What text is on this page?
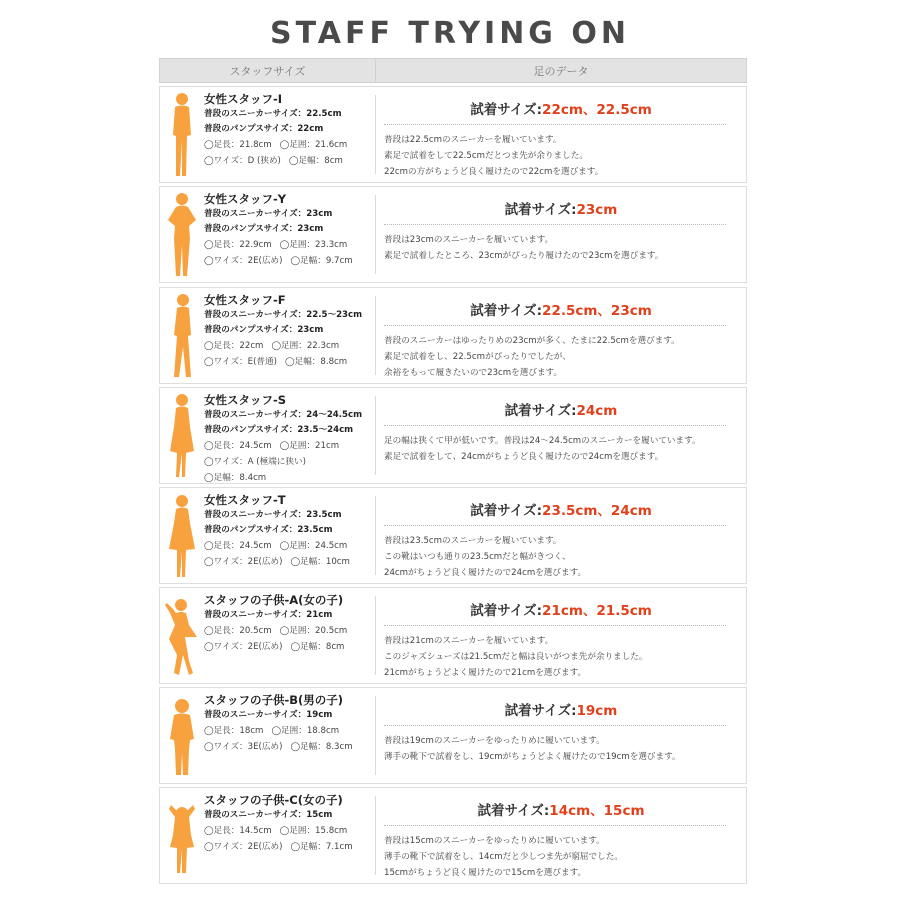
STAFF TRYING ON
スタッフサイズ	足のデータ
女性スタッフ-I
普段のスニーカーサイズ：22.5cm
普段のパンプスサイズ：22cm
◯足長：21.8cm ◯足囲：21.6cm
◯ワイズ：D (狭め) ◯足幅：8cm
試着サイズ:22cm、22.5cm
普段は22.5cmのスニーカーを履いています。
素足で試着をして22.5cmだとつま先が余りました。
22cmの方がちょうど良く履けたので22cmを選びます。
女性スタッフ-Y
普段のスニーカーサイズ：23cm
普段のパンプスサイズ：23cm
◯足長：22.9cm ◯足囲：23.3cm
◯ワイズ：2E(広め) ◯足幅：9.7cm
試着サイズ:23cm
普段は23cmのスニーカーを履いています。
素足で試着したところ、23cmがぴったり履けたので23cmを選びます。
女性スタッフ-F
普段のスニーカーサイズ：22.5〜23cm
普段のパンプスサイズ：23cm
◯足長：22cm ◯足囲：22.3cm
◯ワイズ：E(普通) ◯足幅：8.8cm
試着サイズ:22.5cm、23cm
普段のスニーカーはゆったりめの23cmが多く、たまに22.5cmを選びます。
素足で試着をし、22.5cmがぴったりでしたが、
余裕をもって履きたいので23cmを選びます。
女性スタッフ-S
普段のスニーカーサイズ：24〜24.5cm
普段のパンプスサイズ：23.5〜24cm
◯足長：24.5cm ◯足囲：21cm
◯ワイズ：A (極端に狭い)
◯足幅：8.4cm
試着サイズ:24cm
足の幅は狭くて甲が低いです。普段は24〜24.5cmのスニーカーを履いています。
素足で試着をして、24cmがちょうど良く履けたので24cmを選びます。
女性スタッフ-T
普段のスニーカーサイズ：23.5cm
普段のパンプスサイズ：23.5cm
◯足長：24.5cm ◯足囲：24.5cm
◯ワイズ：2E(広め) ◯足幅：10cm
試着サイズ:23.5cm、24cm
普段は23.5cmのスニーカーを履いています。
この靴はいつも通りの23.5cmだと幅がきつく、
24cmがちょうど良く履けたので24cmを選びます。
スタッフの子供-A(女の子)
普段のスニーカーサイズ：21cm
◯足長：20.5cm ◯足囲：20.5cm
◯ワイズ：2E(広め) ◯足幅：8cm
試着サイズ:21cm、21.5cm
普段は21cmのスニーカーを履いています。
このジャズシューズは21.5cmだと幅は良いがつま先が余りました。
21cmがちょうどよく履けたので21cmを選びます。
スタッフの子供-B(男の子)
普段のスニーカーサイズ：19cm
◯足長：18cm ◯足囲：18.8cm
◯ワイズ：3E(広め) ◯足幅：8.3cm
試着サイズ:19cm
普段は19cmのスニーカーをゆったりめに履いています。
薄手の靴下で試着をし、19cmがちょうどよく履けたので19cmを選びます。
スタッフの子供-C(女の子)
普段のスニーカーサイズ：15cm
◯足長：14.5cm ◯足囲：15.8cm
◯ワイズ：2E(広め) ◯足幅：7.1cm
試着サイズ:14cm、15cm
普段は15cmのスニーカーをゆったりめに履いています。
薄手の靴下で試着をし、14cmだと少しつま先が窮屈でした。
15cmがちょうど良く履けたので15cmを選びます。
